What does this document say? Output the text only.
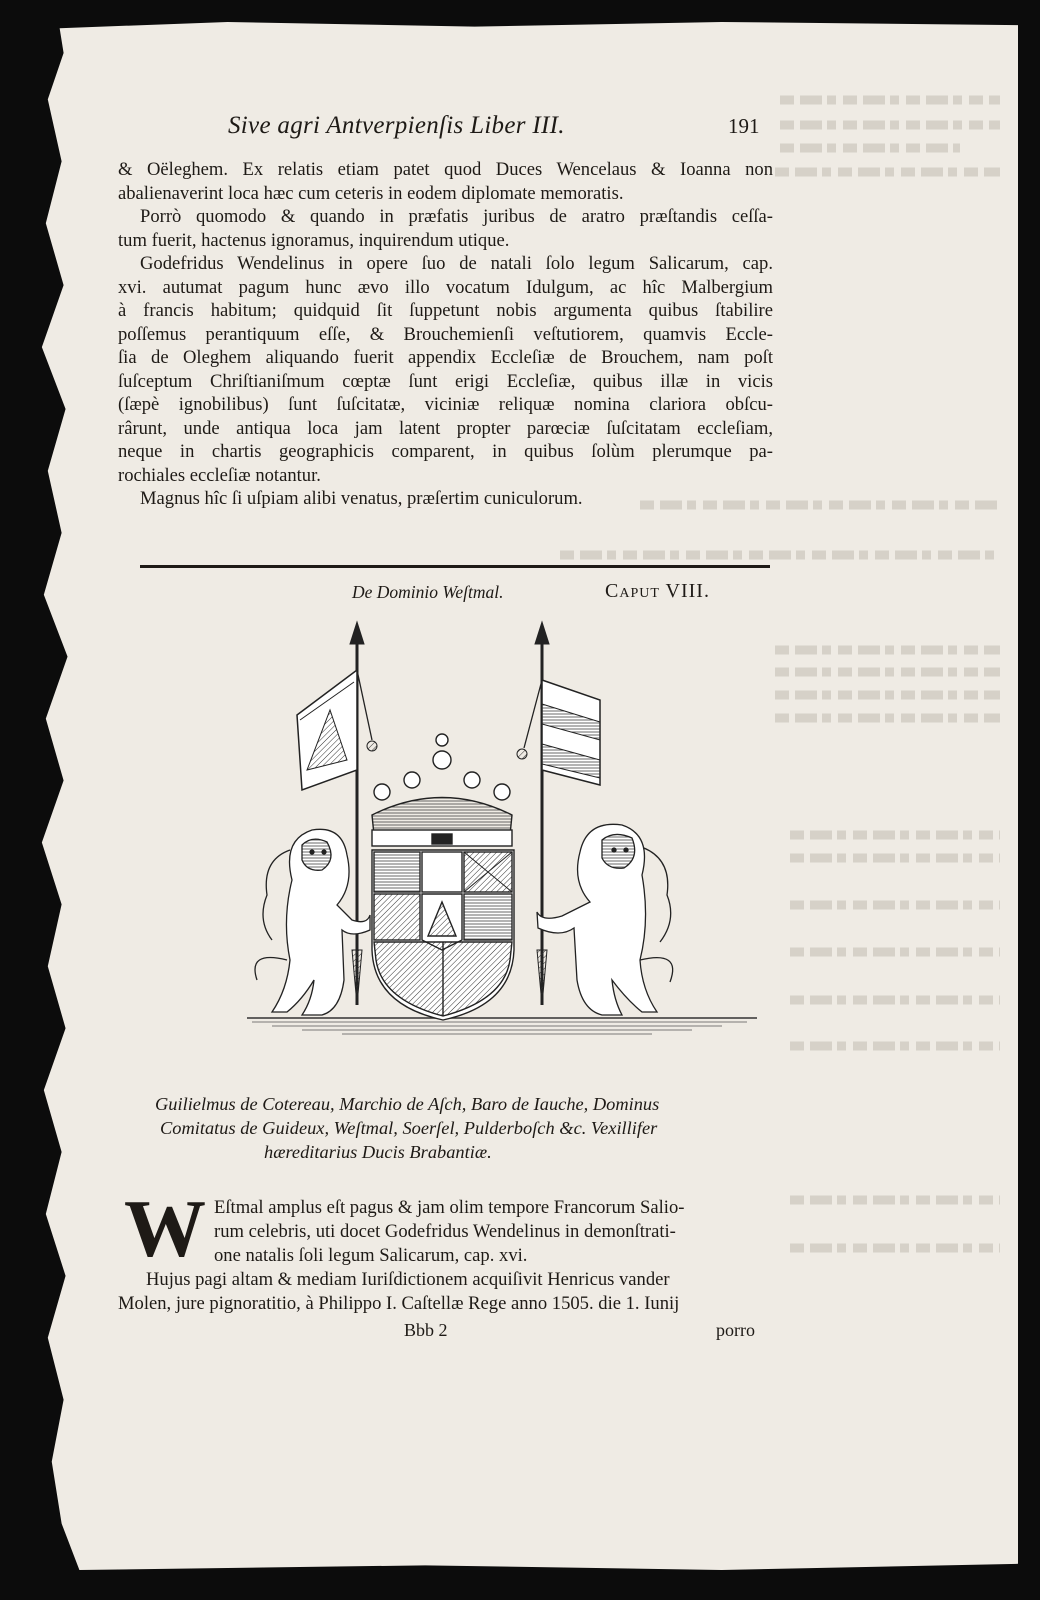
Sive agri Antverpienſis Liber III.	191
& Oëleghem. Ex relatis etiam patet quod Duces Wencelaus & Ioanna non
abalienaverint loca hæc cum ceteris in eodem diplomate memoratis.
Porrò quomodo & quando in præfatis juribus de aratro præſtandis ceſſa-
tum fuerit, hactenus ignoramus, inquirendum utique.
Godefridus Wendelinus in opere ſuo de natali ſolo legum Salicarum, cap.
xvi. autumat pagum hunc ævo illo vocatum Idulgum, ac hîc Malbergium
à francis habitum; quidquid ſit ſuppetunt nobis argumenta quibus ſtabilire
poſſemus perantiquum eſſe, & Brouchemienſi veſtutiorem, quamvis Eccle-
ſia de Oleghem aliquando fuerit appendix Eccleſiæ de Brouchem, nam poſt
ſuſceptum Chriſtianiſmum cœptæ ſunt erigi Eccleſiæ, quibus illæ in vicis
(ſæpè ignobilibus) ſunt ſuſcitatæ, viciniæ reliquæ nomina clariora obſcu-
rârunt, unde antiqua loca jam latent propter parœciæ ſuſcitatam eccleſiam,
neque in chartis geographicis comparent, in quibus ſolùm plerumque pa-
rochiales eccleſiæ notantur.
Magnus hîc ſi uſpiam alibi venatus, præſertim cuniculorum.
De Dominio Weſtmal.	Caput VIII.
Guilielmus de Cotereau, Marchio de Aſch, Baro de Iauche, Dominus
Comitatus de Guideux, Weſtmal, Soerſel, Pulderboſch &c. Vexillifer
hæreditarius Ducis Brabantiæ.
W Eſtmal amplus eſt pagus & jam olim tempore Francorum Salio-
rum celebris, uti docet Godefridus Wendelinus in demonſtrati-
one natalis ſoli legum Salicarum, cap. xvi.
Hujus pagi altam & mediam Iuriſdictionem acquiſivit Henricus vander
Molen, jure pignoratitio, à Philippo I. Caſtellæ Rege anno 1505. die 1. Iunij
Bbb 2	porro
